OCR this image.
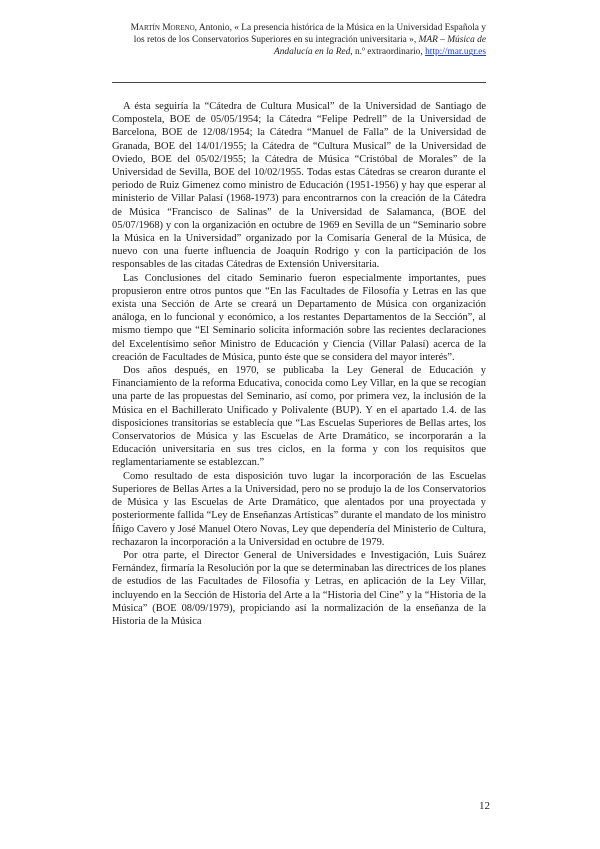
Martín Moreno, Antonio, « La presencia histórica de la Música en la Universidad Española y
los retos de los Conservatorios Superiores en su integración universitaria », MAR – Música de Andalucía en la Red, n.º extraordinario, http://mar.ugr.es

A ésta seguiría la “Cátedra de Cultura Musical” de la Universidad de Santiago de Compostela, BOE de 05/05/1954; la Cátedra “Felipe Pedrell” de la Universidad de Barcelona, BOE de 12/08/1954; la Cátedra “Manuel de Falla” de la Universidad de Granada, BOE del 14/01/1955; la Cátedra de “Cultura Musical” de la Universidad de Oviedo, BOE del 05/02/1955; la Cátedra de Música “Cristóbal de Morales” de la Universidad de Sevilla, BOE del 10/02/1955. Todas estas Cátedras se crearon durante el periodo de Ruiz Gimenez como ministro de Educación (1951-1956) y hay que esperar al ministerio de Villar Palasí (1968-1973) para encontrarnos con la creación de la Cátedra de Música “Francisco de Salinas” de la Universidad de Salamanca, (BOE del 05/07/1968) y con la organización en octubre de 1969 en Sevilla de un “Seminario sobre la Música en la Universidad” organizado por la Comisaría General de la Música, de nuevo con una fuerte influencia de Joaquín Rodrigo y con la participación de los responsables de las citadas Cátedras de Extensión Universitaria.

Las Conclusiones del citado Seminario fueron especialmente importantes, pues propusieron entre otros puntos que “En las Facultades de Filosofía y Letras en las que exista una Sección de Arte se creará un Departamento de Música con organización análoga, en lo funcional y económico, a los restantes Departamentos de la Sección”, al mismo tiempo que “El Seminario solicita información sobre las recientes declaraciones del Excelentísimo señor Ministro de Educación y Ciencia (Villar Palasí) acerca de la creación de Facultades de Música, punto éste que se considera del mayor interés”.

Dos años después, en 1970, se publicaba la Ley General de Educación y Financiamiento de la reforma Educativa, conocida como Ley Villar, en la que se recogían una parte de las propuestas del Seminario, así como, por primera vez, la inclusión de la Música en el Bachillerato Unificado y Polivalente (BUP). Y en el apartado 1.4. de las disposiciones transitorias se establecía que “Las Escuelas Superiores de Bellas artes, los Conservatorios de Música y las Escuelas de Arte Dramático, se incorporarán a la Educación universitaria en sus tres ciclos, en la forma y con los requisitos que reglamentariamente se establezcan.”

Como resultado de esta disposición tuvo lugar la incorporación de las Escuelas Superiores de Bellas Artes a la Universidad, pero no se produjo la de los Conservatorios de Música y las Escuelas de Arte Dramático, que alentados por una proyectada y posteriormente fallida “Ley de Enseñanzas Artísticas” durante el mandato de los ministro Íñigo Cavero y José Manuel Otero Novas, Ley que dependería del Ministerio de Cultura, rechazaron la incorporación a la Universidad en octubre de 1979.

Por otra parte, el Director General de Universidades e Investigación, Luis Suárez Fernández, firmaría la Resolución por la que se determinaban las directrices de los planes de estudios de las Facultades de Filosofía y Letras, en aplicación de la Ley Villar, incluyendo en la Sección de Historia del Arte a la “Historia del Cine” y la “Historia de la Música” (BOE 08/09/1979), propiciando así la normalización de la enseñanza de la Historia de la Música

12
